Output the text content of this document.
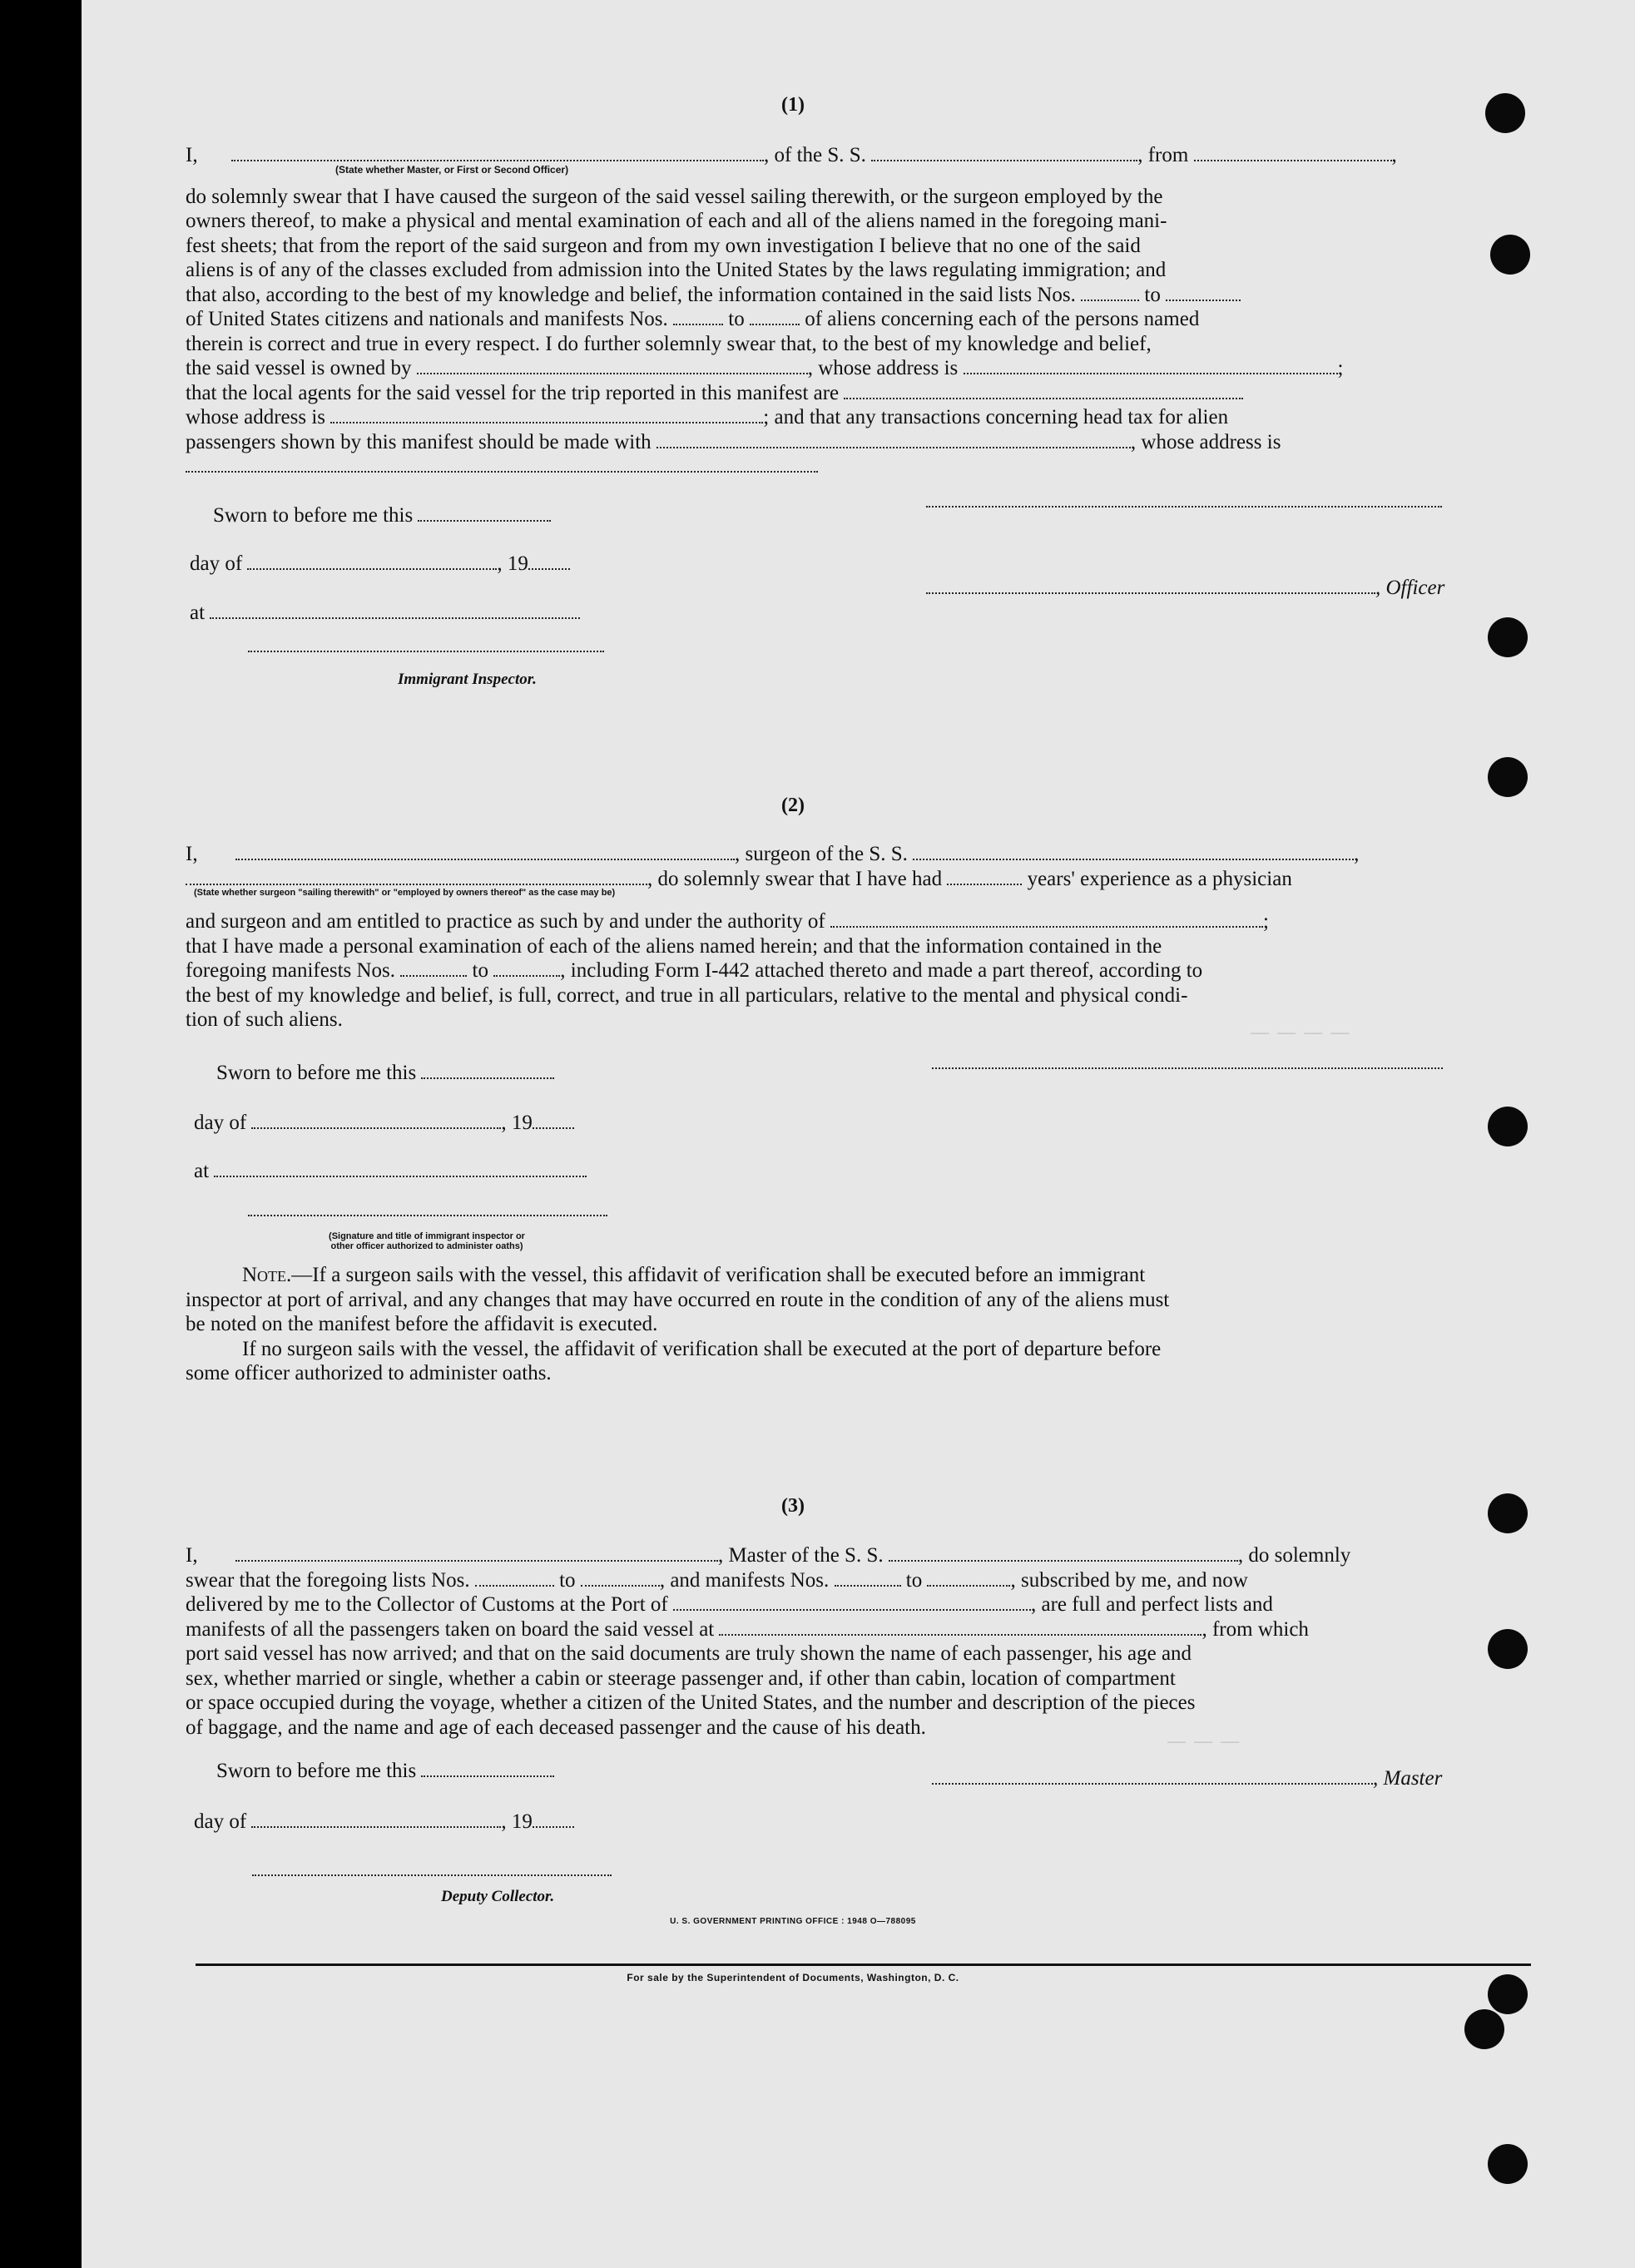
(1)
I,	, of the S. S.	, from	,
(State whether Master, or First or Second Officer)
do solemnly swear that I have caused the surgeon of the said vessel sailing therewith, or the surgeon employed by the
owners thereof, to make a physical and mental examination of each and all of the aliens named in the foregoing mani-
fest sheets; that from the report of the said surgeon and from my own investigation I believe that no one of the said
aliens is of any of the classes excluded from admission into the United States by the laws regulating immigration; and
that also, according to the best of my knowledge and belief, the information contained in the said lists Nos.	to
of United States citizens and nationals and manifests Nos.	to	of aliens concerning each of the persons named
therein is correct and true in every respect. I do further solemnly swear that, to the best of my knowledge and belief,
the said vessel is owned by	, whose address is	;
that the local agents for the said vessel for the trip reported in this manifest are
whose address is	; and that any transactions concerning head tax for alien
passengers shown by this manifest should be made with	, whose address is
Sworn to before me this
day of	, 19
at
Immigrant Inspector.
, Officer
(2)
I,	, surgeon of the S. S.	,
, do solemnly swear that I have had	years' experience as a physician
(State whether surgeon "sailing therewith" or "employed by owners thereof" as the case may be)
and surgeon and am entitled to practice as such by and under the authority of	;
that I have made a personal examination of each of the aliens named herein; and that the information contained in the
foregoing manifests Nos.	to	, including Form I-442 attached thereto and made a part thereof, according to
the best of my knowledge and belief, is full, correct, and true in all particulars, relative to the mental and physical condi-
tion of such aliens.
Sworn to before me this
day of	, 19
at
(Signature and title of immigrant inspector or
other officer authorized to administer oaths)
Note.—If a surgeon sails with the vessel, this affidavit of verification shall be executed before an immigrant
inspector at port of arrival, and any changes that may have occurred en route in the condition of any of the aliens must
be noted on the manifest before the affidavit is executed.
If no surgeon sails with the vessel, the affidavit of verification shall be executed at the port of departure before
some officer authorized to administer oaths.
(3)
I,	, Master of the S. S.	, do solemnly
swear that the foregoing lists Nos.	to	, and manifests Nos.	to	, subscribed by me, and now
delivered by me to the Collector of Customs at the Port of	, are full and perfect lists and
manifests of all the passengers taken on board the said vessel at	, from which
port said vessel has now arrived; and that on the said documents are truly shown the name of each passenger, his age and
sex, whether married or single, whether a cabin or steerage passenger and, if other than cabin, location of compartment
or space occupied during the voyage, whether a citizen of the United States, and the number and description of the pieces
of baggage, and the name and age of each deceased passenger and the cause of his death.
Sworn to before me this	, Master
day of	, 19
Deputy Collector.
U. S. GOVERNMENT PRINTING OFFICE : 1948 O—788095
For sale by the Superintendent of Documents, Washington, D. C.
— — — —
— — —
